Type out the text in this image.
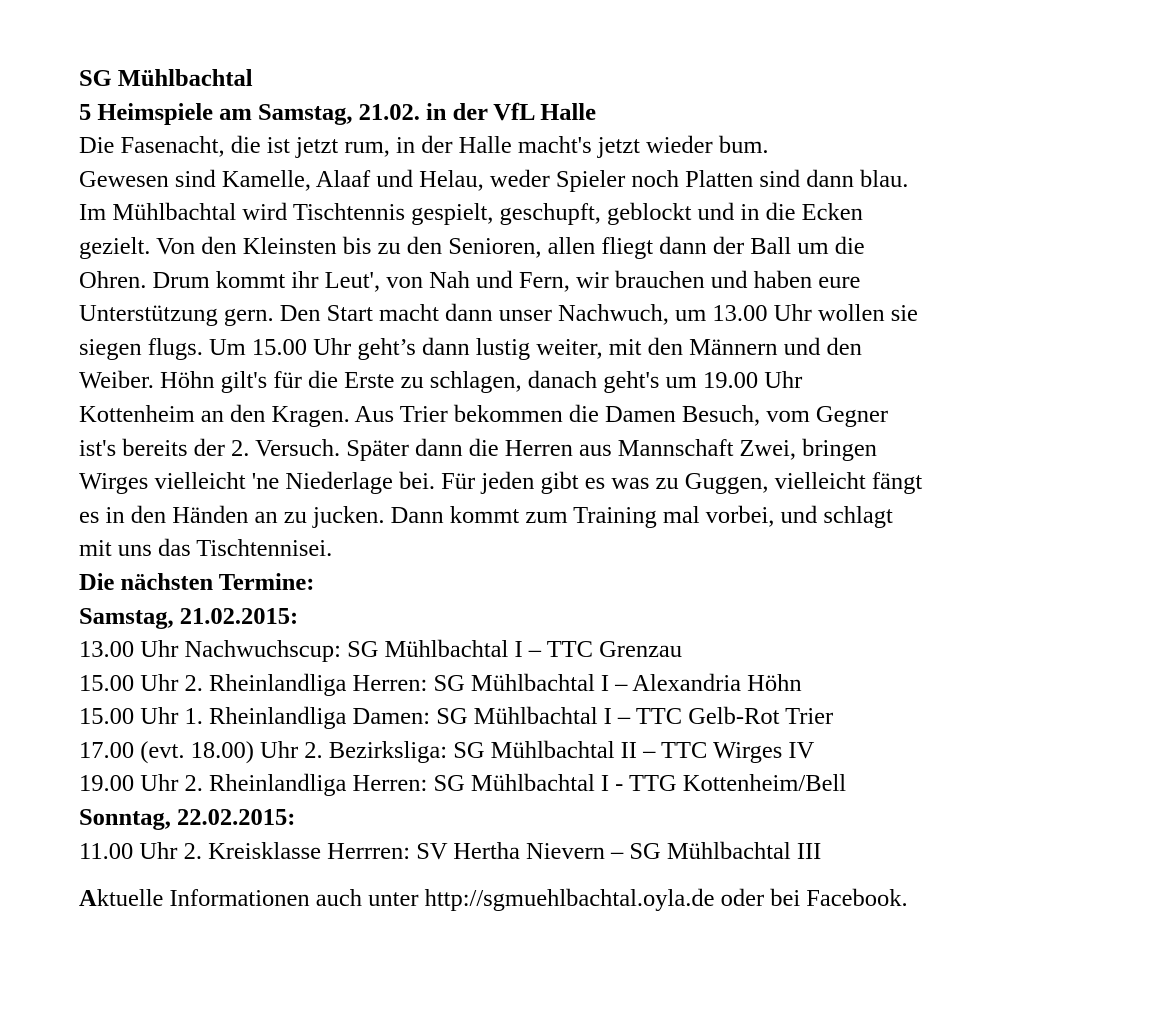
SG Mühlbachtal
5 Heimspiele am Samstag, 21.02. in der VfL Halle
Die Fasenacht, die ist jetzt rum, in der Halle macht's jetzt wieder bum.
Gewesen sind Kamelle, Alaaf und Helau, weder Spieler noch Platten sind dann blau.
Im Mühlbachtal wird Tischtennis gespielt, geschupft, geblockt und in die Ecken
gezielt. Von den Kleinsten bis zu den Senioren, allen fliegt dann der Ball um die
Ohren. Drum kommt ihr Leut', von Nah und Fern, wir brauchen und haben eure
Unterstützung gern. Den Start macht dann unser Nachwuch, um 13.00 Uhr wollen sie
siegen flugs. Um 15.00 Uhr geht’s dann lustig weiter, mit den Männern und den
Weiber. Höhn gilt's für die Erste zu schlagen, danach geht's um 19.00 Uhr
Kottenheim an den Kragen. Aus Trier bekommen die Damen Besuch, vom Gegner
ist's bereits der 2. Versuch. Später dann die Herren aus Mannschaft Zwei, bringen
Wirges vielleicht 'ne Niederlage bei. Für jeden gibt es was zu Guggen, vielleicht fängt
es in den Händen an zu jucken. Dann kommt zum Training mal vorbei, und schlagt
mit uns das Tischtennisei.
Die nächsten Termine:
Samstag, 21.02.2015:
13.00 Uhr Nachwuchscup: SG Mühlbachtal I – TTC Grenzau
15.00 Uhr 2. Rheinlandliga Herren: SG Mühlbachtal I – Alexandria Höhn
15.00 Uhr 1. Rheinlandliga Damen: SG Mühlbachtal I – TTC Gelb-Rot Trier
17.00 (evt. 18.00) Uhr 2. Bezirksliga: SG Mühlbachtal II – TTC Wirges IV
19.00 Uhr 2. Rheinlandliga Herren: SG Mühlbachtal I - TTG Kottenheim/Bell
Sonntag, 22.02.2015:
11.00 Uhr 2. Kreisklasse Herrren: SV Hertha Nievern – SG Mühlbachtal III
Aktuelle Informationen auch unter http://sgmuehlbachtal.oyla.de oder bei Facebook.
